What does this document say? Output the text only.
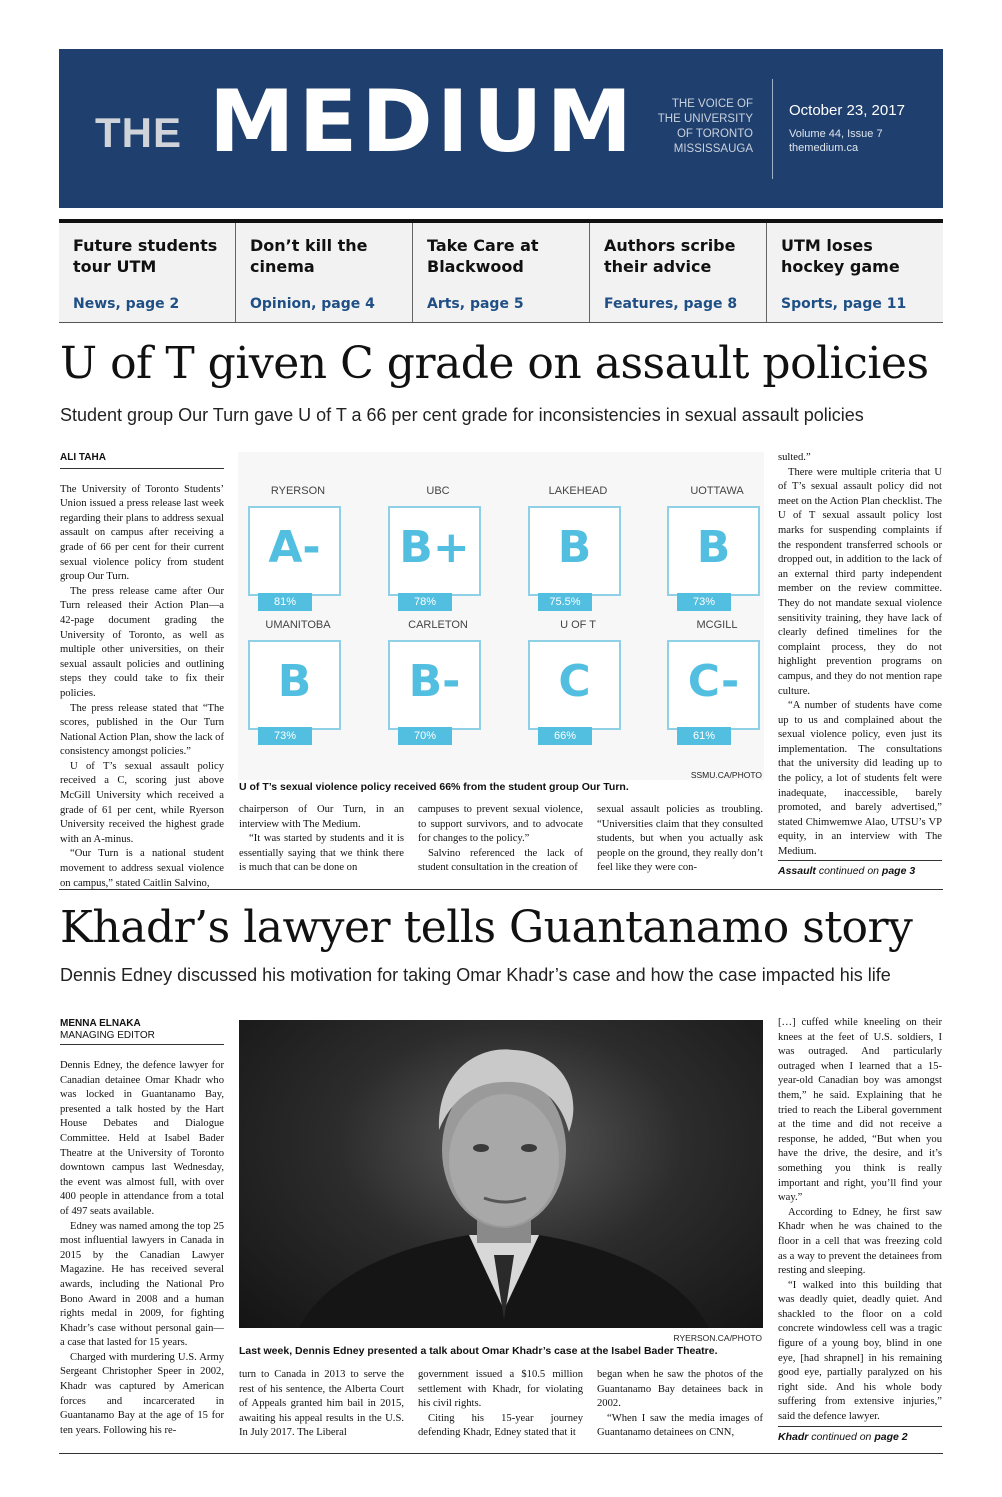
THE MEDIUM	THE VOICE OF
THE UNIVERSITY
OF TORONTO
MISSISSAUGA
October 23, 2017
Volume 44, Issue 7
themedium.ca
Future students tour UTM
News, page 2
Don’t kill the cinema
Opinion, page 4
Take Care at Blackwood
Arts, page 5
Authors scribe their advice
Features, page 8
UTM loses hockey game
Sports, page 11
U of T given C grade on assault policies
Student group Our Turn gave U of T a 66 per cent grade for inconsistencies in sexual assault policies
ALI TAHA

The University of Toronto Students’ Union issued a press release last week regarding their plans to address sexual assault on campus after receiving a grade of 66 per cent for their current sexual violence policy from student group Our Turn.

The press release came after Our Turn released their Action Plan—a 42-page document grading the University of Toronto, as well as multiple other universities, on their sexual assault policies and outlining steps they could take to fix their policies.

The press release stated that “The scores, published in the Our Turn National Action Plan, show the lack of consistency amongst policies.”

U of T’s sexual assault policy received a C, scoring just above McGill University which received a grade of 61 per cent, while Ryerson University received the highest grade with an A-minus.

“Our Turn is a national student movement to address sexual violence on campus,” stated Caitlin Salvino,

RYERSON
A-
81%
UBC
B+
78%
LAKEHEAD
B
75.5%
UOTTAWA
B
73%
UMANITOBA
B
73%
CARLETON
B-
70%
U OF T
C
66%
MCGILL
C-
61%
SSMU.CA/PHOTO
U of T’s sexual violence policy received 66% from the student group Our Turn.

chairperson of Our Turn, in an interview with The Medium.

“It was started by students and it is essentially saying that we think there is much that can be done on

campuses to prevent sexual violence, to support survivors, and to advocate for changes to the policy.”

Salvino referenced the lack of student consultation in the creation of

sexual assault policies as troubling. “Universities claim that they consulted students, but when you actually ask people on the ground, they really don’t feel like they were con-

sulted.”

There were multiple criteria that U of T’s sexual assault policy did not meet on the Action Plan checklist. The U of T sexual assault policy lost marks for suspending complaints if the respondent transferred schools or dropped out, in addition to the lack of an external third party independent member on the review committee. They do not mandate sexual violence sensitivity training, they have lack of clearly defined timelines for the complaint process, they do not highlight prevention programs on campus, and they do not mention rape culture.

“A number of students have come up to us and complained about the sexual violence policy, even just its implementation. The consultations that the university did leading up to the policy, a lot of students felt were inadequate, inaccessible, barely promoted, and barely advertised,” stated Chimwemwe Alao, UTSU’s VP equity, in an interview with The Medium.

Assault continued on page 3
Khadr’s lawyer tells Guantanamo story
Dennis Edney discussed his motivation for taking Omar Khadr’s case and how the case impacted his life
MENNA ELNAKA
MANAGING EDITOR

Dennis Edney, the defence lawyer for Canadian detainee Omar Khadr who was locked in Guantanamo Bay, presented a talk hosted by the Hart House Debates and Dialogue Committee. Held at Isabel Bader Theatre at the University of Toronto downtown campus last Wednesday, the event was almost full, with over 400 people in attendance from a total of 497 seats available.

Edney was named among the top 25 most influential lawyers in Canada in 2015 by the Canadian Lawyer Magazine. He has received several awards, including the National Pro Bono Award in 2008 and a human rights medal in 2009, for fighting Khadr’s case without personal gain—a case that lasted for 15 years.

Charged with murdering U.S. Army Sergeant Christopher Speer in 2002, Khadr was captured by American forces and incarcerated in Guantanamo Bay at the age of 15 for ten years. Following his re-

RYERSON.CA/PHOTO
Last week, Dennis Edney presented a talk about Omar Khadr’s case at the Isabel Bader Theatre.

turn to Canada in 2013 to serve the rest of his sentence, the Alberta Court of Appeals granted him bail in 2015, awaiting his appeal results in the U.S. In July 2017. The Liberal

government issued a $10.5 million settlement with Khadr, for violating his civil rights.

Citing his 15-year journey defending Khadr, Edney stated that it

began when he saw the photos of the Guantanamo Bay detainees back in 2002.

“When I saw the media images of Guantanamo detainees on CNN,

[…] cuffed while kneeling on their knees at the feet of U.S. soldiers, I was outraged. And particularly outraged when I learned that a 15-year-old Canadian boy was amongst them,” he said. Explaining that he tried to reach the Liberal government at the time and did not receive a response, he added, “But when you have the drive, the desire, and it’s something you think is really important and right, you’ll find your way.”

According to Edney, he first saw Khadr when he was chained to the floor in a cell that was freezing cold as a way to prevent the detainees from resting and sleeping.

“I walked into this building that was deadly quiet, deadly quiet. And shackled to the floor on a cold concrete windowless cell was a tragic figure of a young boy, blind in one eye, [had shrapnel] in his remaining good eye, partially paralyzed on his right side. And his whole body suffering from extensive injuries,” said the defence lawyer.

Khadr continued on page 2
